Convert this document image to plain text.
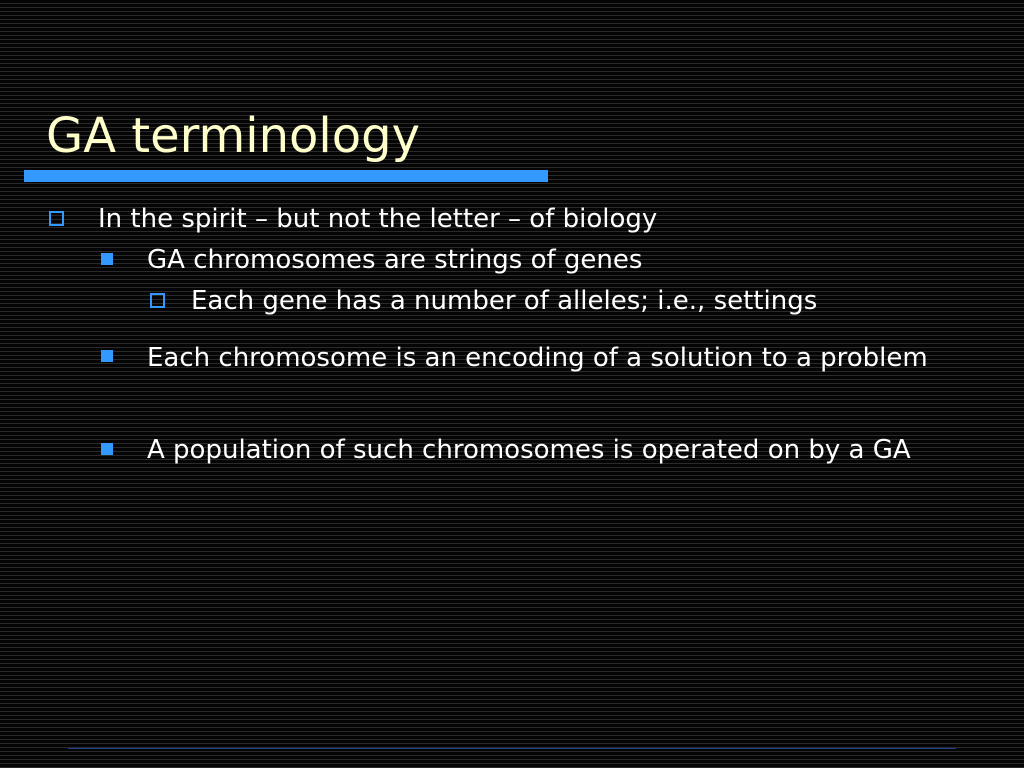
GA terminology
In the spirit – but not the letter – of biology
GA chromosomes are strings of genes
Each gene has a number of alleles; i.e., settings
Each chromosome is an encoding of a solution to a problem
A population of such chromosomes is operated on by a GA
